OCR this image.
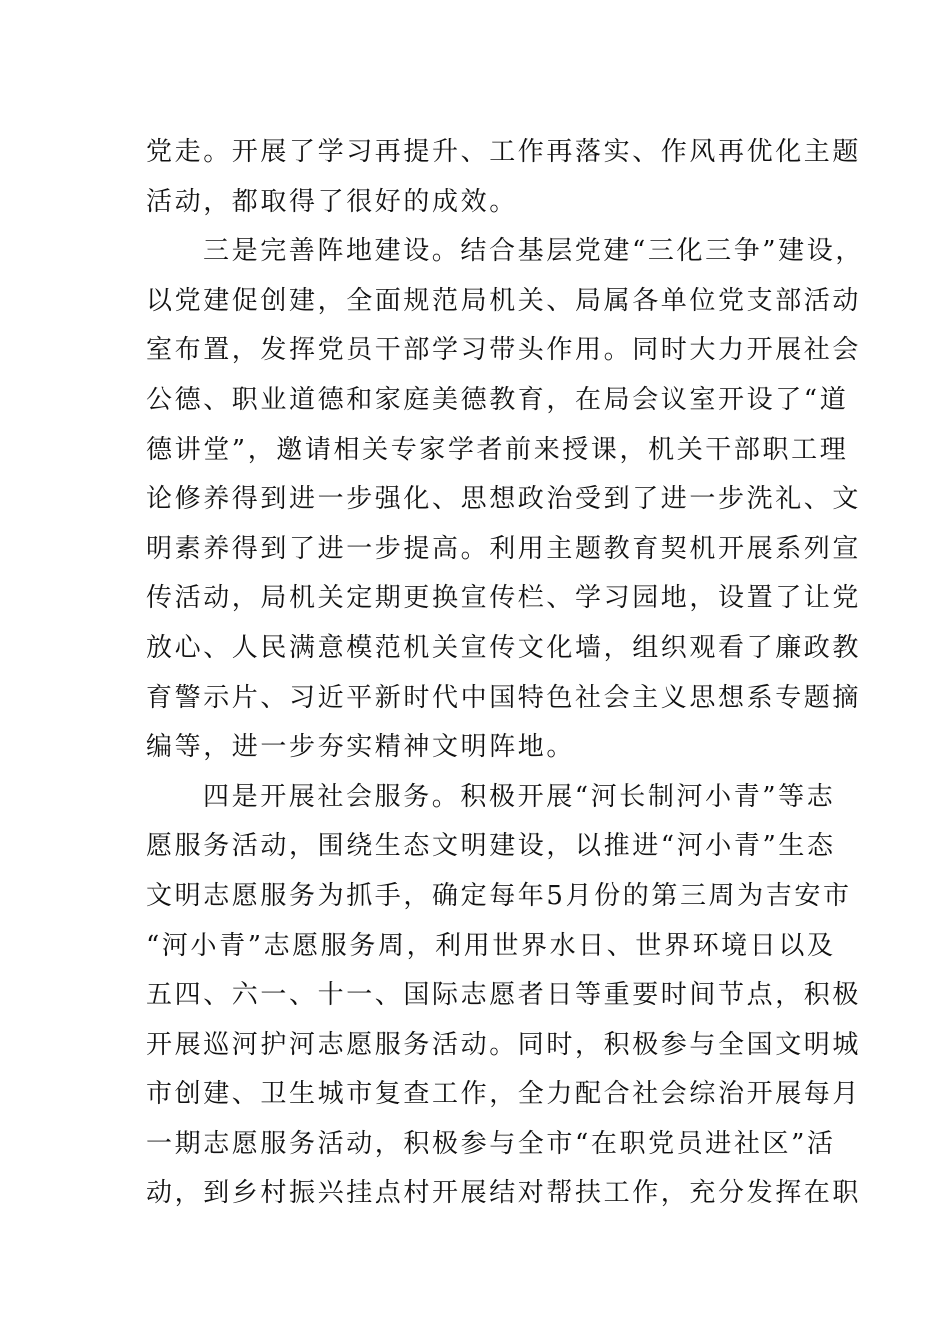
党走。开展了学习再提升、工作再落实、作风再优化主题
活动，都取得了很好的成效。
三是完善阵地建设。结合基层党建“三化三争”建设，
以党建促创建，全面规范局机关、局属各单位党支部活动
室布置，发挥党员干部学习带头作用。同时大力开展社会
公德、职业道德和家庭美德教育，在局会议室开设了“道
德讲堂”，邀请相关专家学者前来授课，机关干部职工理
论修养得到进一步强化、思想政治受到了进一步洗礼、文
明素养得到了进一步提高。利用主题教育契机开展系列宣
传活动，局机关定期更换宣传栏、学习园地，设置了让党
放心、人民满意模范机关宣传文化墙，组织观看了廉政教
育警示片、习近平新时代中国特色社会主义思想系专题摘
编等，进一步夯实精神文明阵地。
四是开展社会服务。积极开展“河长制河小青”等志
愿服务活动，围绕生态文明建设，以推进“河小青”生态
文明志愿服务为抓手，确定每年5月份的第三周为吉安市
“河小青”志愿服务周，利用世界水日、世界环境日以及
五四、六一、十一、国际志愿者日等重要时间节点，积极
开展巡河护河志愿服务活动。同时，积极参与全国文明城
市创建、卫生城市复查工作，全力配合社会综治开展每月
一期志愿服务活动，积极参与全市“在职党员进社区”活
动，到乡村振兴挂点村开展结对帮扶工作，充分发挥在职
